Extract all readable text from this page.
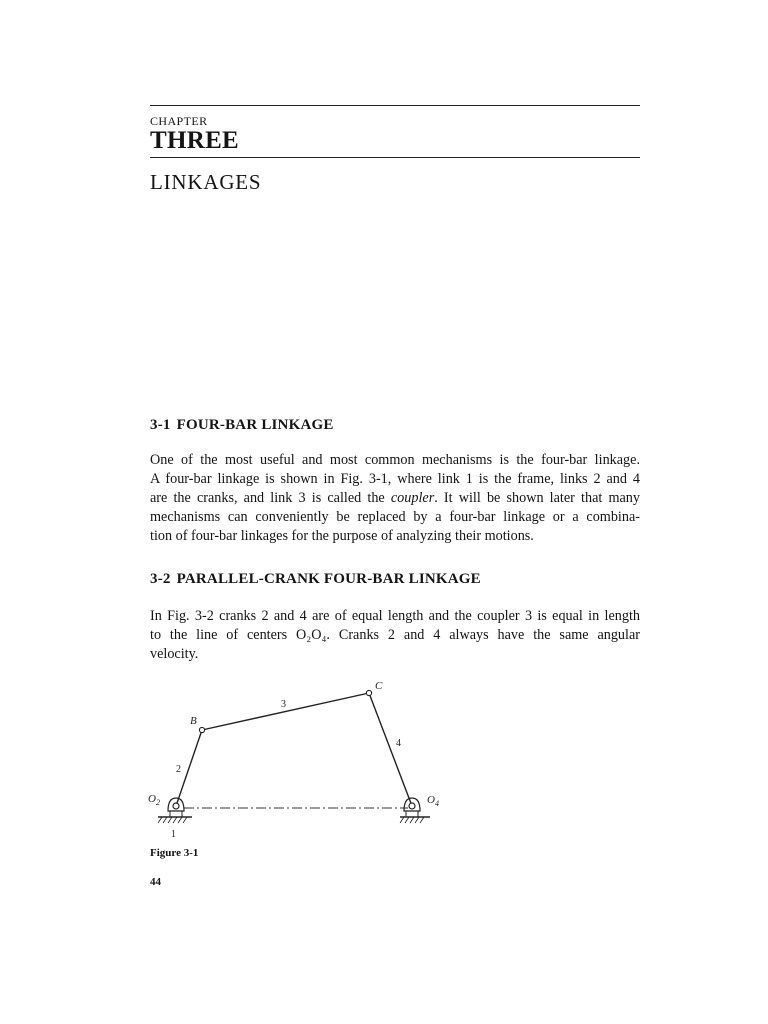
CHAPTER
THREE
LINKAGES
3-1 FOUR-BAR LINKAGE
One of the most useful and most common mechanisms is the four-bar linkage.
A four-bar linkage is shown in Fig. 3-1, where link 1 is the frame, links 2 and 4
are the cranks, and link 3 is called the coupler. It will be shown later that many
mechanisms can conveniently be replaced by a four-bar linkage or a combina-
tion of four-bar linkages for the purpose of analyzing their motions.
3-2 PARALLEL-CRANK FOUR-BAR LINKAGE
In Fig. 3-2 cranks 2 and 4 are of equal length and the coupler 3 is equal in length
to the line of centers O₂O₄. Cranks 2 and 4 always have the same angular
velocity.
B
C
$O_2$	$O_4$
2
3
4
1
Figure 3-1
44
